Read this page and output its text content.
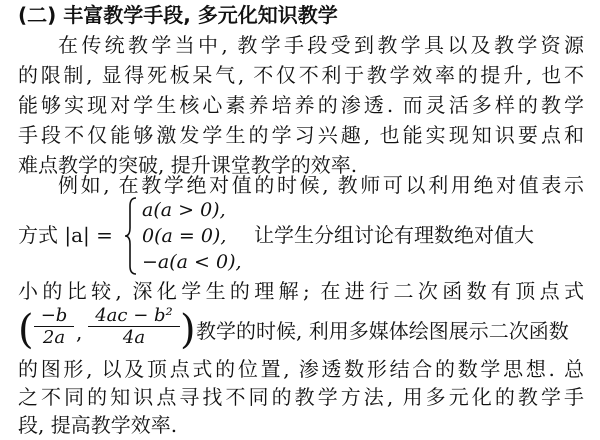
(二) 丰富教学手段, 多元化知识教学
在传统教学当中, 教学手段受到教学具以及教学资源
的限制, 显得死板呆气, 不仅不利于教学效率的提升, 也不
能够实现对学生核心素养培养的渗透. 而灵活多样的教学
手段不仅能够激发学生的学习兴趣, 也能实现知识要点和
难点教学的突破, 提升课堂教学的效率.
例如, 在教学绝对值的时候, 教师可以利用绝对值表示
方式 |a| =
a(a > 0),
0(a = 0),
−a(a < 0),
让学生分组讨论有理数绝对值大
小的比较, 深化学生的理解; 在进行二次函数有顶点式
( $\frac{-b}{2a}$ , $\frac{\text{4ac − b²}}{4a}$ ) 教学的时候, 利用多媒体绘图展示二次函数
的图形, 以及顶点式的位置, 渗透数形结合的数学思想. 总
之不同的知识点寻找不同的教学方法, 用多元化的教学手
段, 提高教学效率.
